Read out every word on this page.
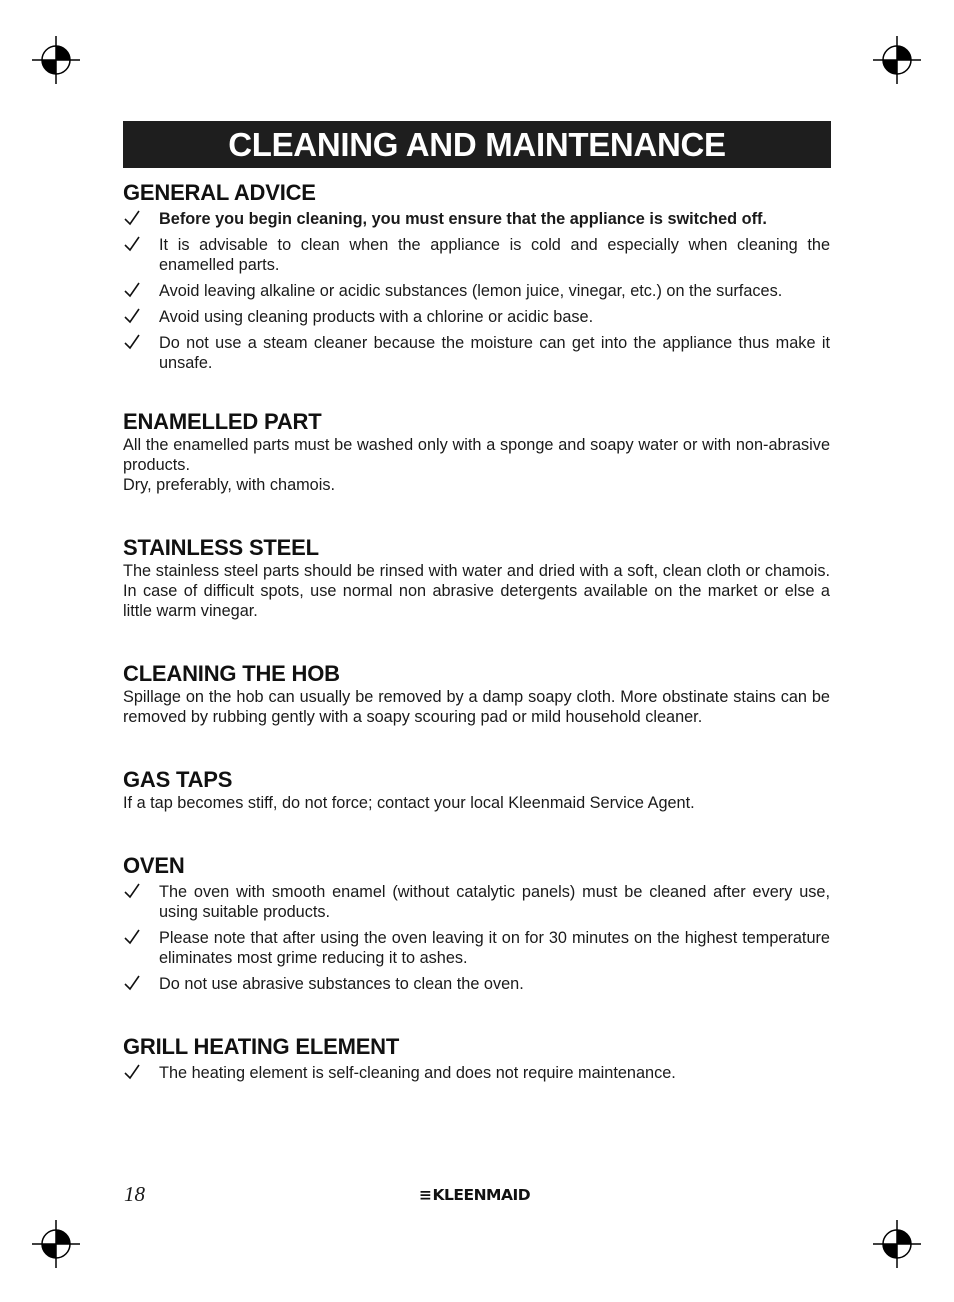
CLEANING AND MAINTENANCE
GENERAL ADVICE
Before you begin cleaning, you must ensure that the appliance is switched off.
It is advisable to clean when the appliance is cold and especially when cleaning the enamelled parts.
Avoid leaving alkaline or acidic substances (lemon juice, vinegar, etc.) on the surfaces.
Avoid using cleaning products with a chlorine or acidic base.
Do not use a steam cleaner because the moisture can get into the appliance thus make it unsafe.
ENAMELLED PART

All the enamelled parts must be washed only with a sponge and soapy water or with non-abrasive products.

Dry, preferably, with chamois.

STAINLESS STEEL

The stainless steel parts should be rinsed with water and dried with a soft, clean cloth or chamois. In case of difficult spots, use normal non abrasive detergents available on the market or else a little warm vinegar.

CLEANING THE HOB

Spillage on the hob can usually be removed by a damp soapy cloth. More obstinate stains can be removed by rubbing gently with a soapy scouring pad or mild household cleaner.

GAS TAPS

If a tap becomes stiff, do not force; contact your local Kleenmaid Service Agent.

OVEN
The oven with smooth enamel (without catalytic panels) must be cleaned after every use, using suitable products.
Please note that after using the oven leaving it on for 30 minutes on the highest temperature eliminates most grime reducing it to ashes.
Do not use abrasive substances to clean the oven.
GRILL HEATING ELEMENT
The heating element is self-cleaning and does not require maintenance.
18	≡KLEENMAID
